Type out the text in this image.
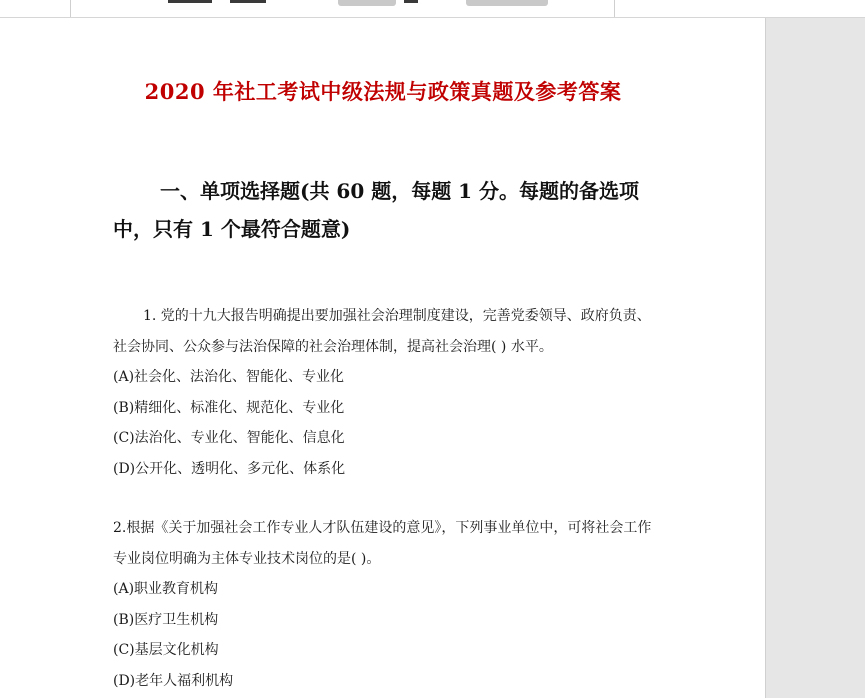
2020 年社工考试中级法规与政策真题及参考答案
一、单项选择题(共 60 题，每题 1 分。每题的备选项中，只有 1 个最符合题意)
1. 党的十九大报告明确提出要加强社会治理制度建设，完善党委领导、政府负责、社会协同、公众参与法治保障的社会治理体制，提高社会治理( ) 水平。
(A)社会化、法治化、智能化、专业化
(B)精细化、标准化、规范化、专业化
(C)法治化、专业化、智能化、信息化
(D)公开化、透明化、多元化、体系化
2.根据《关于加强社会工作专业人才队伍建设的意见》，下列事业单位中，可将社会工作专业岗位明确为主体专业技术岗位的是( )。
(A)职业教育机构
(B)医疗卫生机构
(C)基层文化机构
(D)老年人福利机构
